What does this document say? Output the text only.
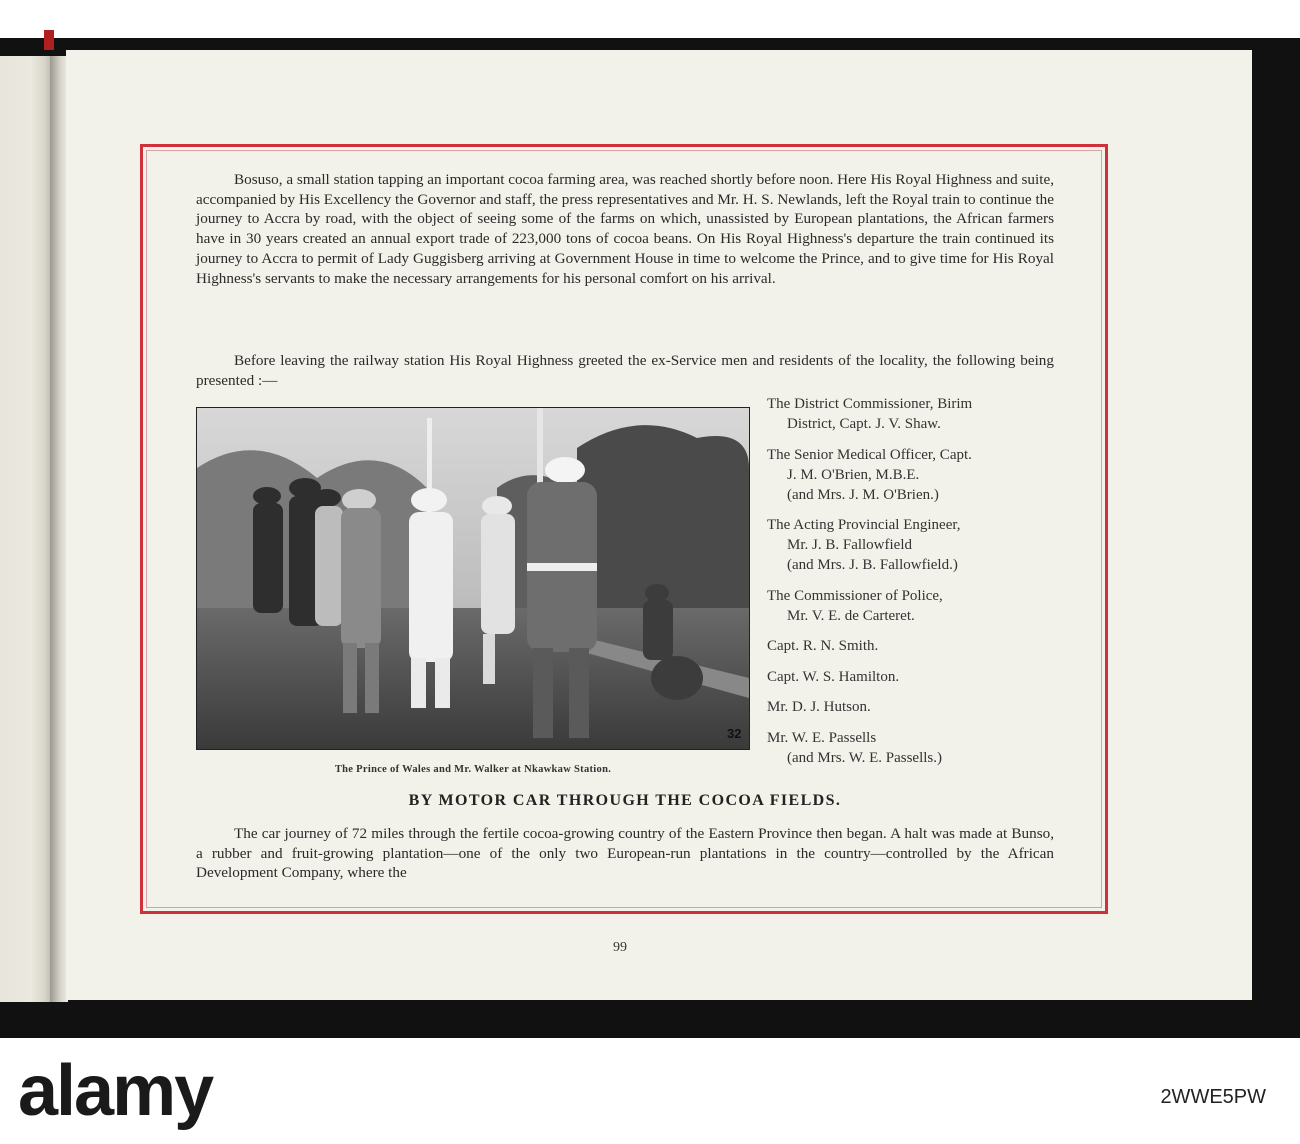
Bosuso, a small station tapping an important cocoa farming area, was reached shortly before noon. Here His Royal Highness and suite, accompanied by His Excellency the Governor and staff, the press representatives and Mr. H. S. Newlands, left the Royal train to continue the journey to Accra by road, with the object of seeing some of the farms on which, unassisted by European plantations, the African farmers have in 30 years created an annual export trade of 223,000 tons of cocoa beans. On His Royal Highness's departure the train continued its journey to Accra to permit of Lady Guggisberg arriving at Government House in time to welcome the Prince, and to give time for His Royal Highness's servants to make the necessary arrangements for his personal comfort on his arrival.

Before leaving the railway station His Royal Highness greeted the ex-Service men and residents of the locality, the following being presented :—

32
The Prince of Wales and Mr. Walker at Nkawkaw Station.
The District Commissioner, Birim
District, Capt. J. V. Shaw.
The Senior Medical Officer, Capt.
J. M. O'Brien, M.B.E.
(and Mrs. J. M. O'Brien.)
The Acting Provincial Engineer,
Mr. J. B. Fallowfield
(and Mrs. J. B. Fallowfield.)
The Commissioner of Police,
Mr. V. E. de Carteret.
Capt. R. N. Smith.
Capt. W. S. Hamilton.
Mr. D. J. Hutson.
Mr. W. E. Passells
(and Mrs. W. E. Passells.)
BY MOTOR CAR THROUGH THE COCOA FIELDS.

The car journey of 72 miles through the fertile cocoa-growing country of the Eastern Province then began. A halt was made at Bunso, a rubber and fruit-growing plantation—one of the only two European-run plantations in the country—controlled by the African Development Company, where the

99
alamy	2WWE5PW
